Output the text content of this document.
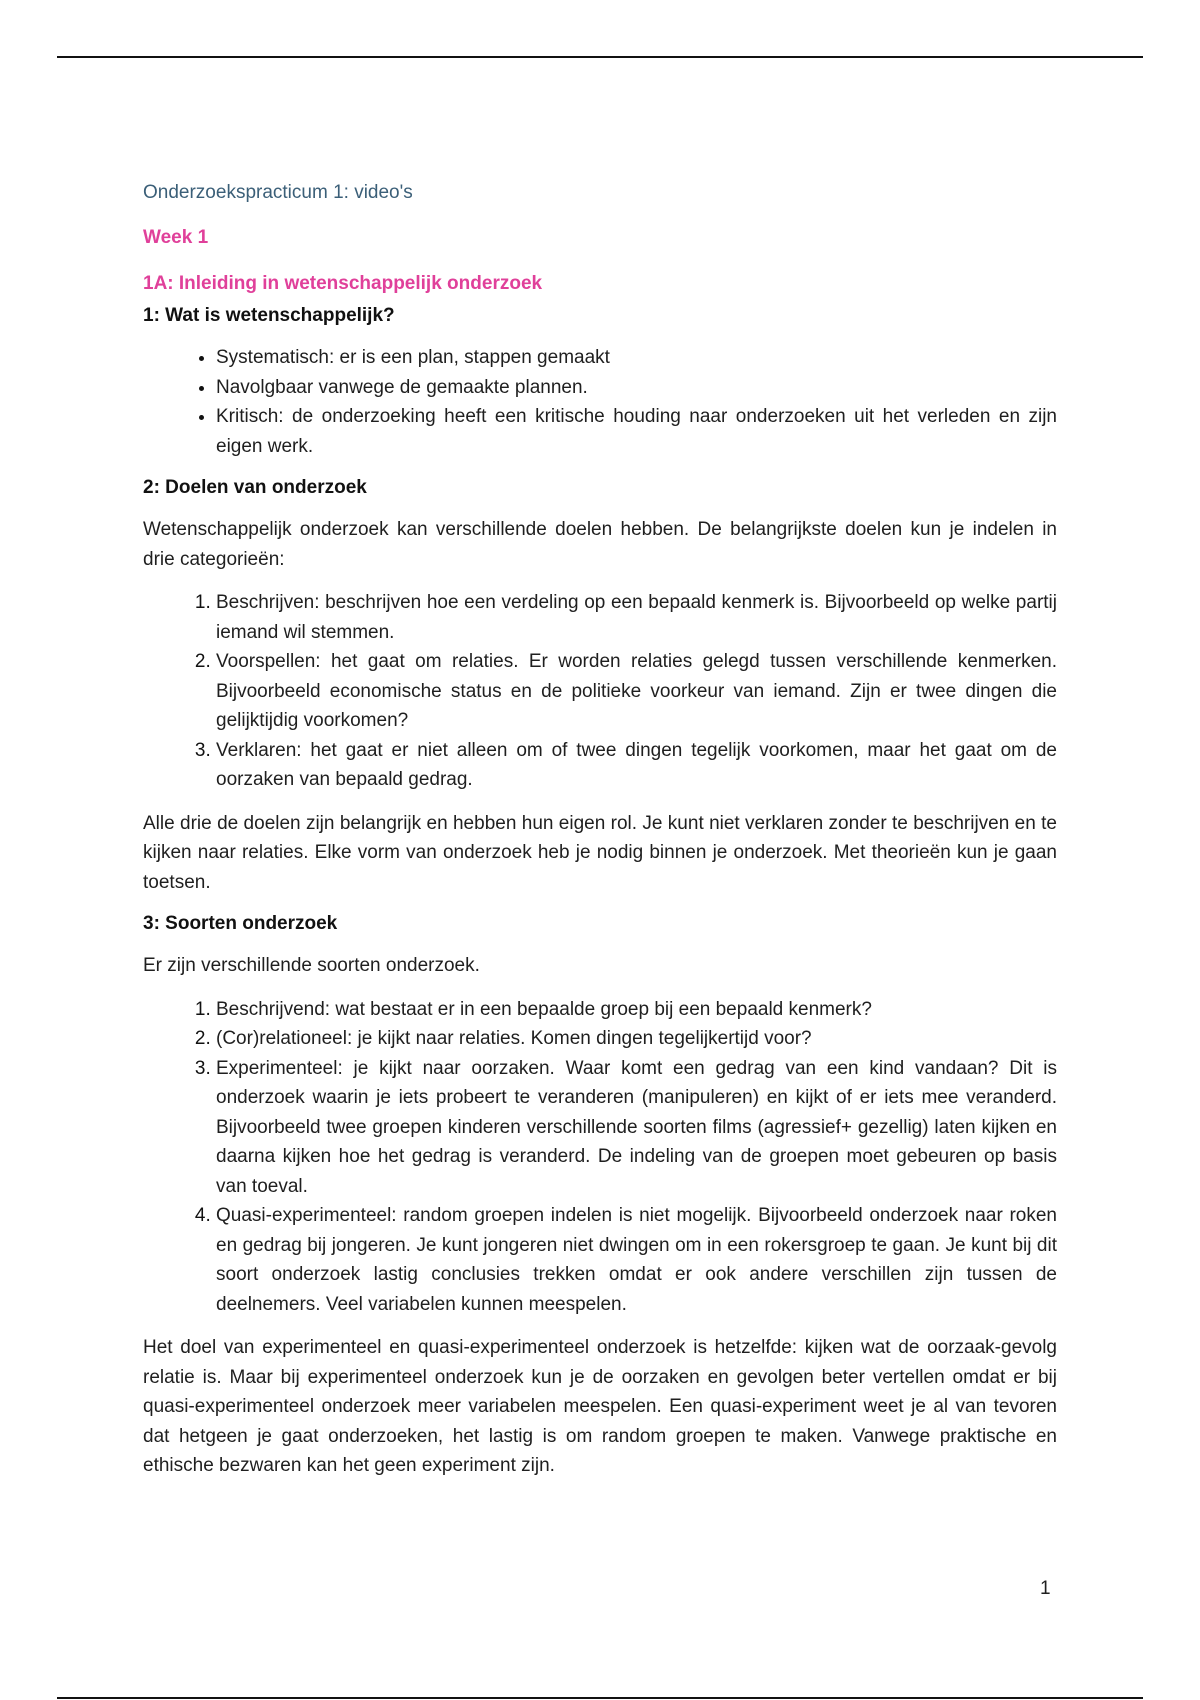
Onderzoekspracticum 1: video's
Week 1
1A: Inleiding in wetenschappelijk onderzoek
1: Wat is wetenschappelijk?
• Systematisch: er is een plan, stappen gemaakt
• Navolgbaar vanwege de gemaakte plannen.
• Kritisch: de onderzoeking heeft een kritische houding naar onderzoeken uit het verleden en zijn eigen werk.
2: Doelen van onderzoek

Wetenschappelijk onderzoek kan verschillende doelen hebben. De belangrijkste doelen kun je indelen in drie categorieën:

1. Beschrijven: beschrijven hoe een verdeling op een bepaald kenmerk is. Bijvoorbeeld op welke partij iemand wil stemmen.
2. Voorspellen: het gaat om relaties. Er worden relaties gelegd tussen verschillende kenmerken. Bijvoorbeeld economische status en de politieke voorkeur van iemand. Zijn er twee dingen die gelijktijdig voorkomen?
3. Verklaren: het gaat er niet alleen om of twee dingen tegelijk voorkomen, maar het gaat om de oorzaken van bepaald gedrag.

Alle drie de doelen zijn belangrijk en hebben hun eigen rol. Je kunt niet verklaren zonder te beschrijven en te kijken naar relaties. Elke vorm van onderzoek heb je nodig binnen je onderzoek. Met theorieën kun je gaan toetsen.

3: Soorten onderzoek

Er zijn verschillende soorten onderzoek.

1. Beschrijvend: wat bestaat er in een bepaalde groep bij een bepaald kenmerk?
2. (Cor)relationeel: je kijkt naar relaties. Komen dingen tegelijkertijd voor?
3. Experimenteel: je kijkt naar oorzaken. Waar komt een gedrag van een kind vandaan? Dit is onderzoek waarin je iets probeert te veranderen (manipuleren) en kijkt of er iets mee veranderd. Bijvoorbeeld twee groepen kinderen verschillende soorten films (agressief+ gezellig) laten kijken en daarna kijken hoe het gedrag is veranderd. De indeling van de groepen moet gebeuren op basis van toeval.
4. Quasi-experimenteel: random groepen indelen is niet mogelijk. Bijvoorbeeld onderzoek naar roken en gedrag bij jongeren. Je kunt jongeren niet dwingen om in een rokersgroep te gaan. Je kunt bij dit soort onderzoek lastig conclusies trekken omdat er ook andere verschillen zijn tussen de deelnemers. Veel variabelen kunnen meespelen.

Het doel van experimenteel en quasi-experimenteel onderzoek is hetzelfde: kijken wat de oorzaak-gevolg relatie is. Maar bij experimenteel onderzoek kun je de oorzaken en gevolgen beter vertellen omdat er bij quasi-experimenteel onderzoek meer variabelen meespelen. Een quasi-experiment weet je al van tevoren dat hetgeen je gaat onderzoeken, het lastig is om random groepen te maken. Vanwege praktische en ethische bezwaren kan het geen experiment zijn.

1
